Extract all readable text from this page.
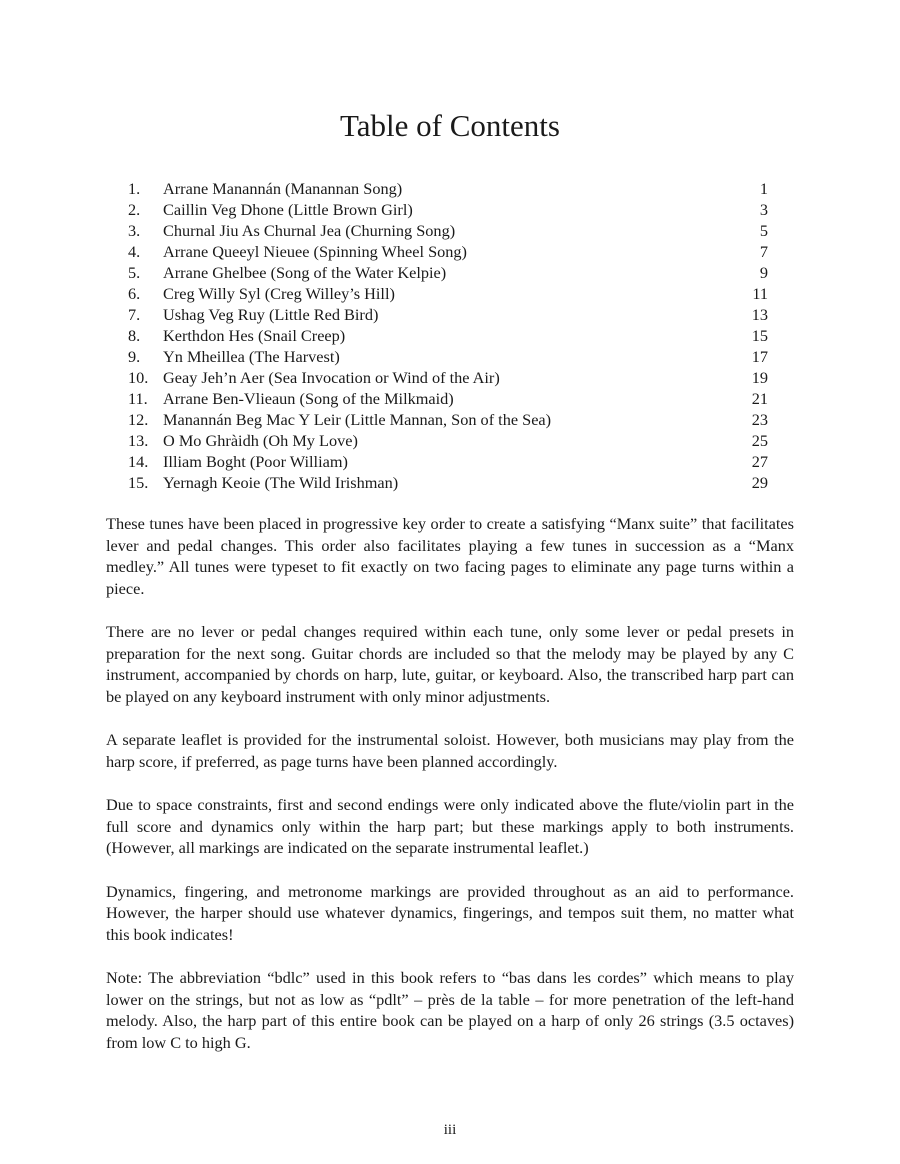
Table of Contents
1.	Arrane Manannán (Manannan Song)	1
2.	Caillin Veg Dhone (Little Brown Girl)	3
3.	Churnal Jiu As Churnal Jea (Churning Song)	5
4.	Arrane Queeyl Nieuee (Spinning Wheel Song)	7
5.	Arrane Ghelbee (Song of the Water Kelpie)	9
6.	Creg Willy Syl (Creg Willey’s Hill)	11
7.	Ushag Veg Ruy (Little Red Bird)	13
8.	Kerthdon Hes (Snail Creep)	15
9.	Yn Mheillea (The Harvest)	17
10. Geay Jeh’n Aer (Sea Invocation or Wind of the Air)	19
11. Arrane Ben-Vlieaun (Song of the Milkmaid)	21
12. Manannán Beg Mac Y Leir (Little Mannan, Son of the Sea)	23
13. O Mo Ghràidh (Oh My Love)	25
14. Illiam Boght (Poor William)	27
15. Yernagh Keoie (The Wild Irishman)	29

These tunes have been placed in progressive key order to create a satisfying “Manx suite” that facilitates lever and pedal changes. This order also facilitates playing a few tunes in succession as a “Manx medley.” All tunes were typeset to fit exactly on two facing pages to eliminate any page turns within a piece.

There are no lever or pedal changes required within each tune, only some lever or pedal presets in preparation for the next song. Guitar chords are included so that the melody may be played by any C instrument, accompanied by chords on harp, lute, guitar, or keyboard. Also, the transcribed harp part can be played on any keyboard instrument with only minor adjustments.

A separate leaflet is provided for the instrumental soloist. However, both musicians may play from the harp score, if preferred, as page turns have been planned accordingly.

Due to space constraints, first and second endings were only indicated above the flute/violin part in the full score and dynamics only within the harp part; but these markings apply to both instruments. (However, all markings are indicated on the separate instrumental leaflet.)

Dynamics, fingering, and metronome markings are provided throughout as an aid to performance. However, the harper should use whatever dynamics, fingerings, and tempos suit them, no matter what this book indicates!

Note: The abbreviation “bdlc” used in this book refers to “bas dans les cordes” which means to play lower on the strings, but not as low as “pdlt” – près de la table – for more penetration of the left-hand melody. Also, the harp part of this entire book can be played on a harp of only 26 strings (3.5 octaves) from low C to high G.

iii
